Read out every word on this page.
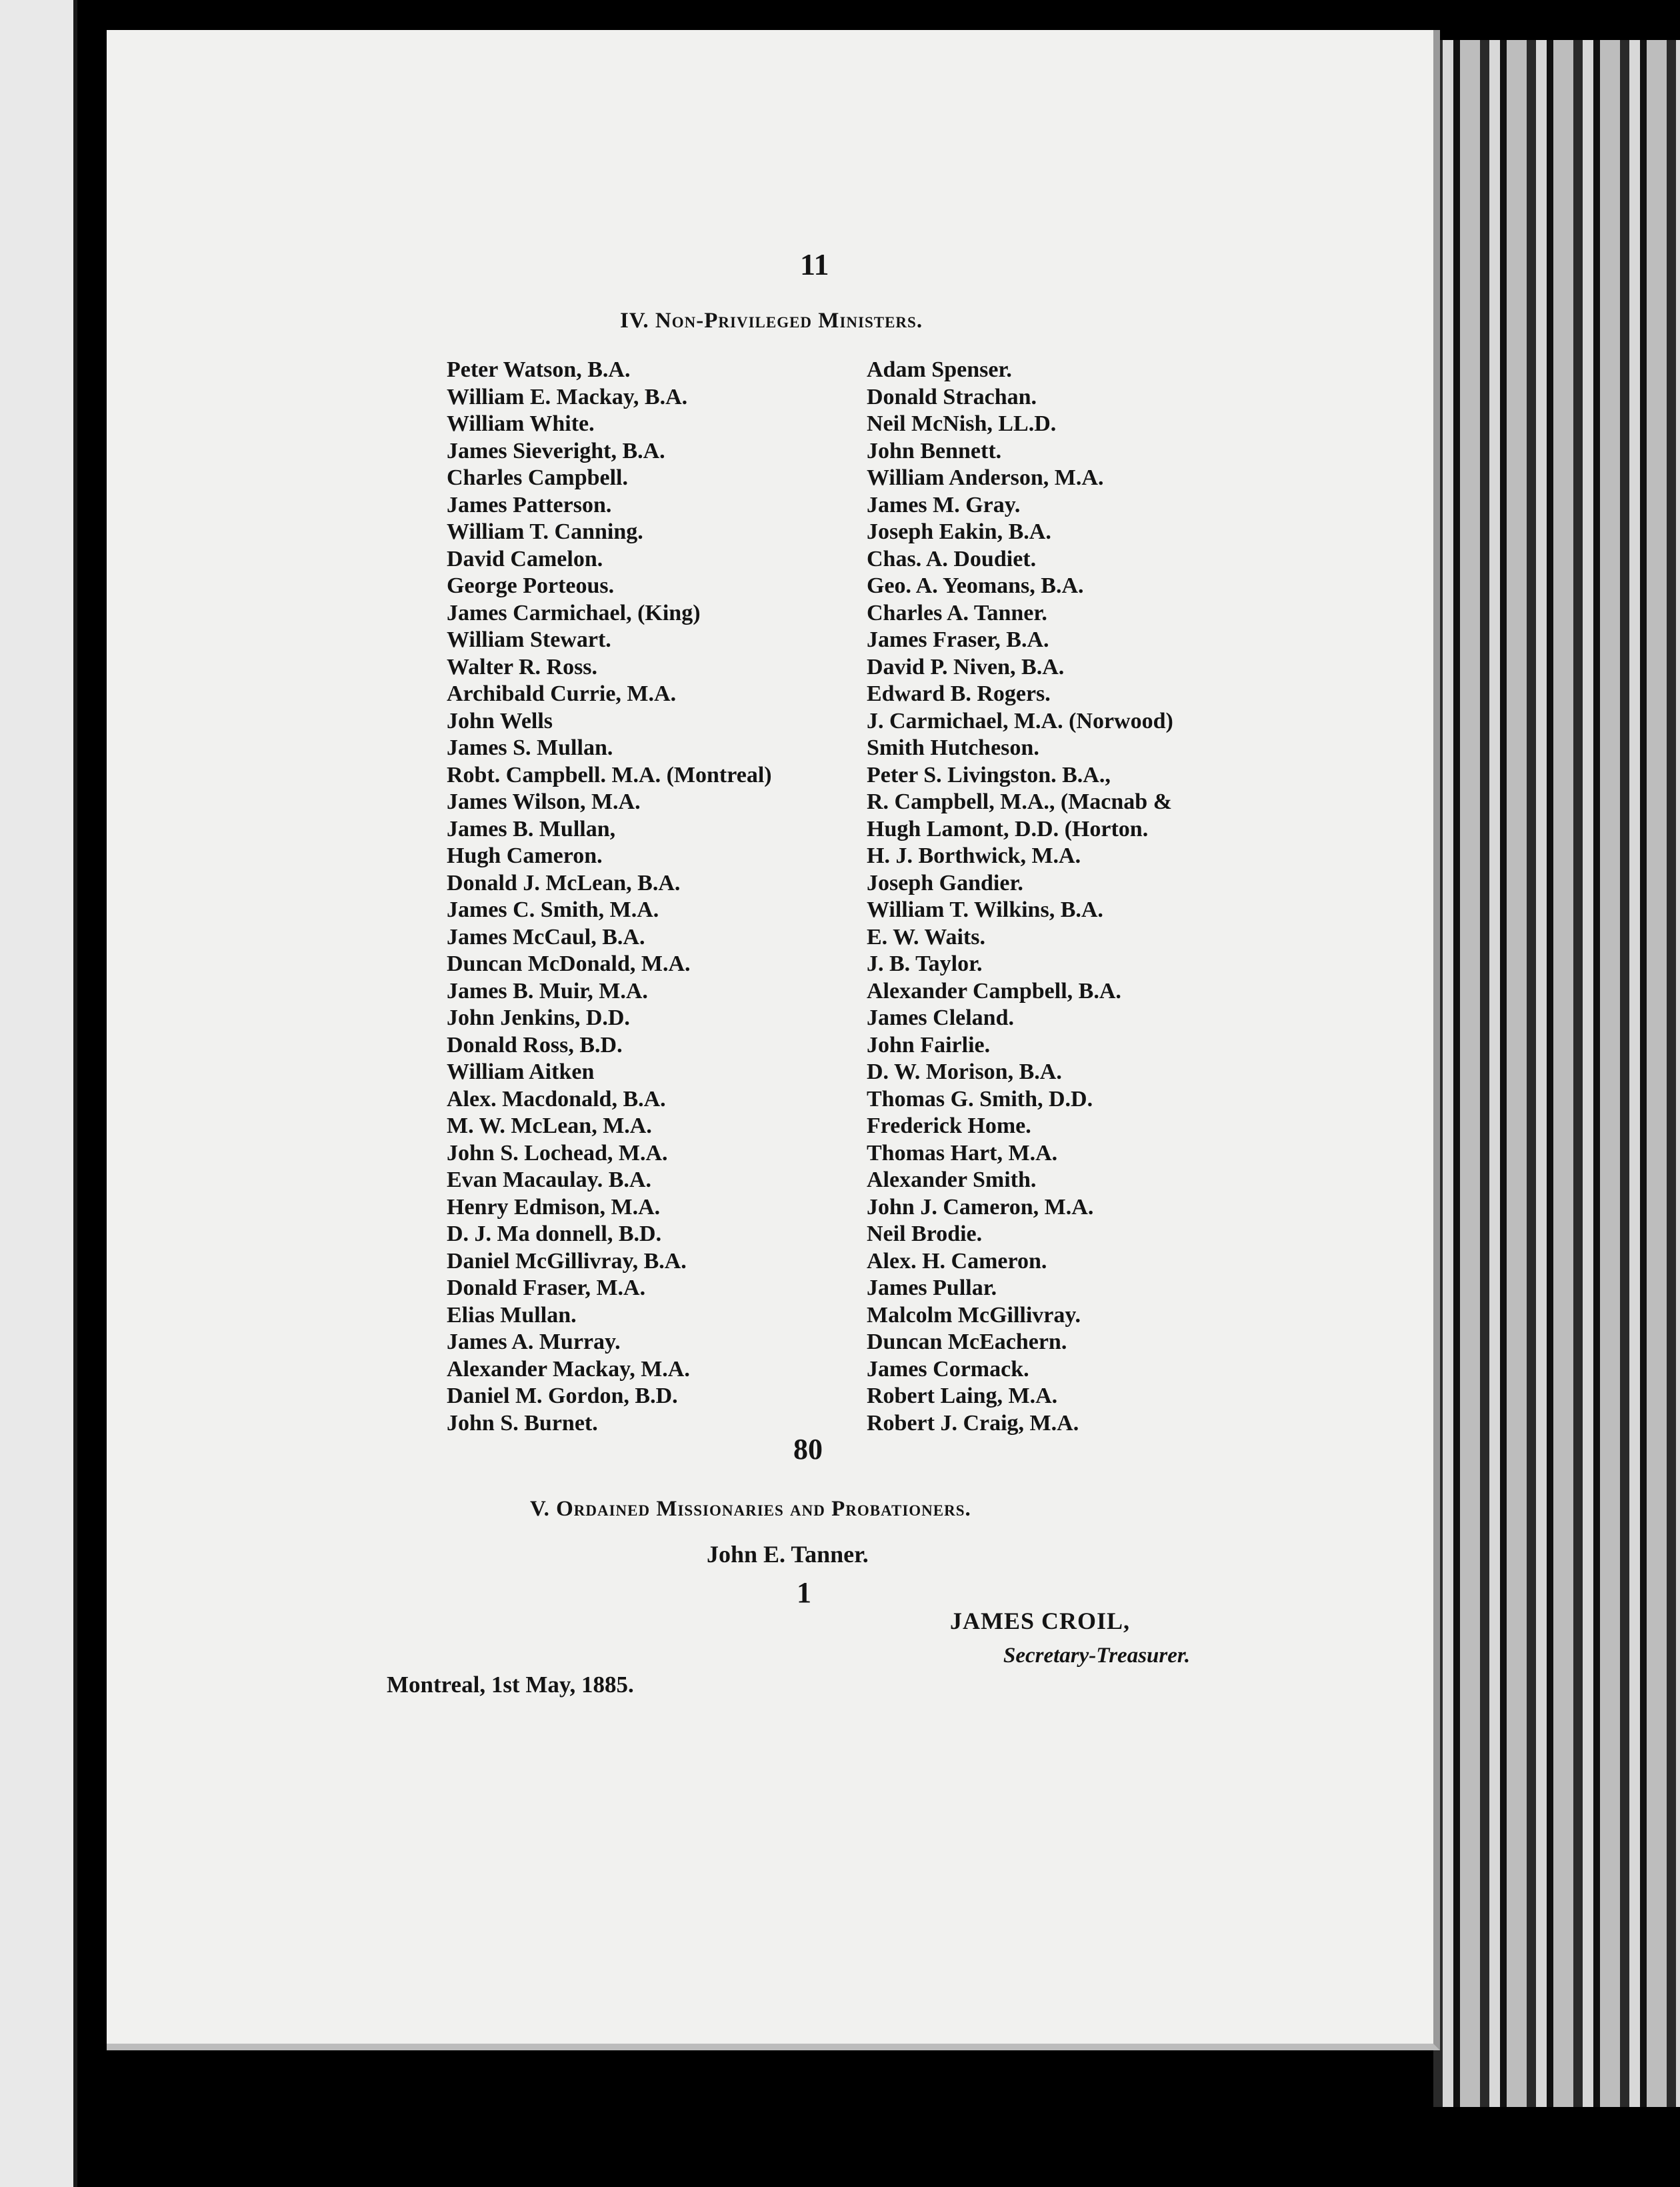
11
IV. Non-Privileged Ministers.
Peter Watson, B.A.
William E. Mackay, B.A.
William White.
James Sieveright, B.A.
Charles Campbell.
James Patterson.
William T. Canning.
David Camelon.
George Porteous.
James Carmichael, (King)
William Stewart.
Walter R. Ross.
Archibald Currie, M.A.
John Wells
James S. Mullan.
Robt. Campbell. M.A. (Montreal)
James Wilson, M.A.
James B. Mullan,
Hugh Cameron.
Donald J. McLean, B.A.
James C. Smith, M.A.
James McCaul, B.A.
Duncan McDonald, M.A.
James B. Muir, M.A.
John Jenkins, D.D.
Donald Ross, B.D.
William Aitken
Alex. Macdonald, B.A.
M. W. McLean, M.A.
John S. Lochead, M.A.
Evan Macaulay. B.A.
Henry Edmison, M.A.
D. J. Ma donnell, B.D.
Daniel McGillivray, B.A.
Donald Fraser, M.A.
Elias Mullan.
James A. Murray.
Alexander Mackay, M.A.
Daniel M. Gordon, B.D.
John S. Burnet.
Adam Spenser.
Donald Strachan.
Neil McNish, LL.D.
John Bennett.
William Anderson, M.A.
James M. Gray.
Joseph Eakin, B.A.
Chas. A. Doudiet.
Geo. A. Yeomans, B.A.
Charles A. Tanner.
James Fraser, B.A.
David P. Niven, B.A.
Edward B. Rogers.
J. Carmichael, M.A. (Norwood)
Smith Hutcheson.
Peter S. Livingston. B.A.,
R. Campbell, M.A., (Macnab &
Hugh Lamont, D.D. (Horton.
H. J. Borthwick, M.A.
Joseph Gandier.
William T. Wilkins, B.A.
E. W. Waits.
J. B. Taylor.
Alexander Campbell, B.A.
James Cleland.
John Fairlie.
D. W. Morison, B.A.
Thomas G. Smith, D.D.
Frederick Home.
Thomas Hart, M.A.
Alexander Smith.
John J. Cameron, M.A.
Neil Brodie.
Alex. H. Cameron.
James Pullar.
Malcolm McGillivray.
Duncan McEachern.
James Cormack.
Robert Laing, M.A.
Robert J. Craig, M.A.
80
V. Ordained Missionaries and Probationers.
John E. Tanner.
1
JAMES CROIL,
Secretary-Treasurer.
Montreal, 1st May, 1885.
